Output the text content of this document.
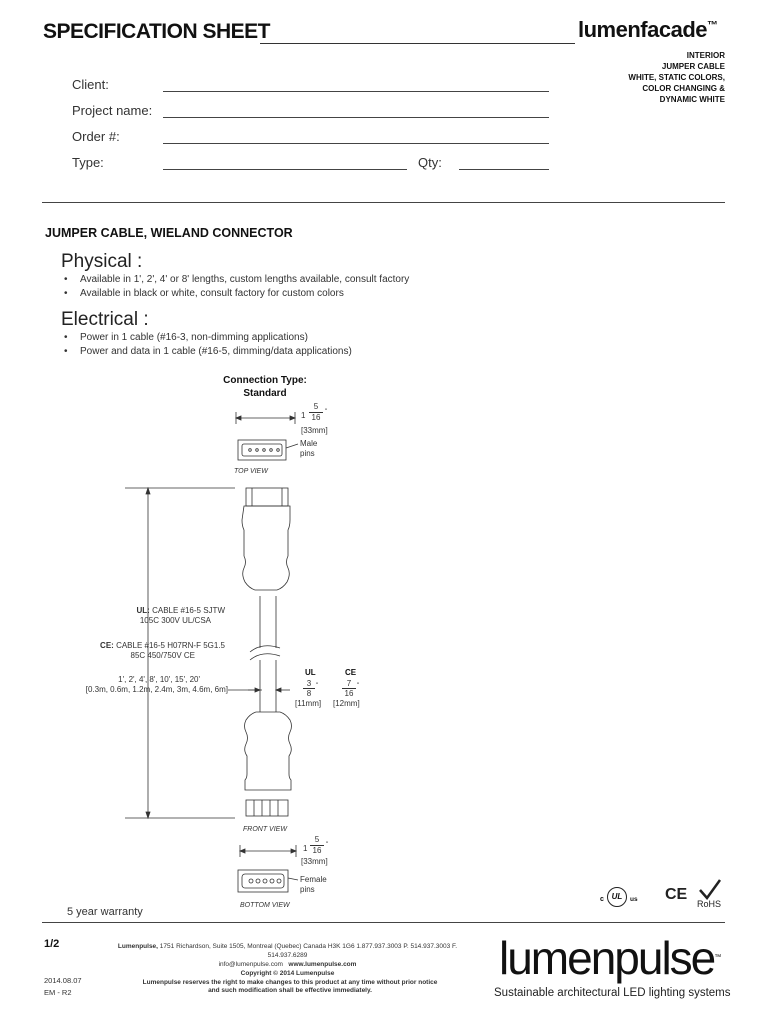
SPECIFICATION SHEET	lumenfacade™
INTERIOR
JUMPER CABLE
WHITE, STATIC COLORS,
COLOR CHANGING &
DYNAMIC WHITE
Client:
Project name:
Order #:
Type:	Qty:
JUMPER CABLE, WIELAND CONNECTOR
Physical :
• Available in 1', 2', 4' or 8' lengths, custom lengths available, consult factory
• Available in black or white, consult factory for custom colors
Electrical :
• Power in 1 cable (#16-3, non-dimming applications)
• Power and data in 1 cable (#16-5, dimming/data applications)
Connection Type:
Standard
$1 \frac{5}{16}$ "
[33mm]
Male
pins
TOP VIEW
UL: CABLE #16-5 SJTW
105C 300V UL/CSA
CE: CABLE #16-5 H07RN-F 5G1.5
85C 450/750V CE
1', 2', 4', 8', 10', 15', 20'
[0.3m, 0.6m, 1.2m, 2.4m, 3m, 4.6m, 6m]
UL	CE
$\frac{3}{8}$ "	$\frac{7}{16}$ "
[11mm] [12mm]
FRONT VIEW
$1 \frac{5}{16}$ "
[33mm]
Female
pins
BOTTOM VIEW
5 year warranty
c UL	us CE
RoHS
1/2	Lumenpulse, 1751 Richardson, Suite 1505, Montreal (Quebec) Canada H3K 1G6 1.877.937.3003 P. 514.937.3003 F. 514.937.6289
info@lumenpulse.com www.lumenpulse.com
Copyright © 2014 Lumenpulse
2014.08.07
EM - R2
Lumenpulse reserves the right to make changes to this product at any time without prior notice
and such modification shall be effective immediately.
lumenpulse™
Sustainable architectural LED lighting systems
